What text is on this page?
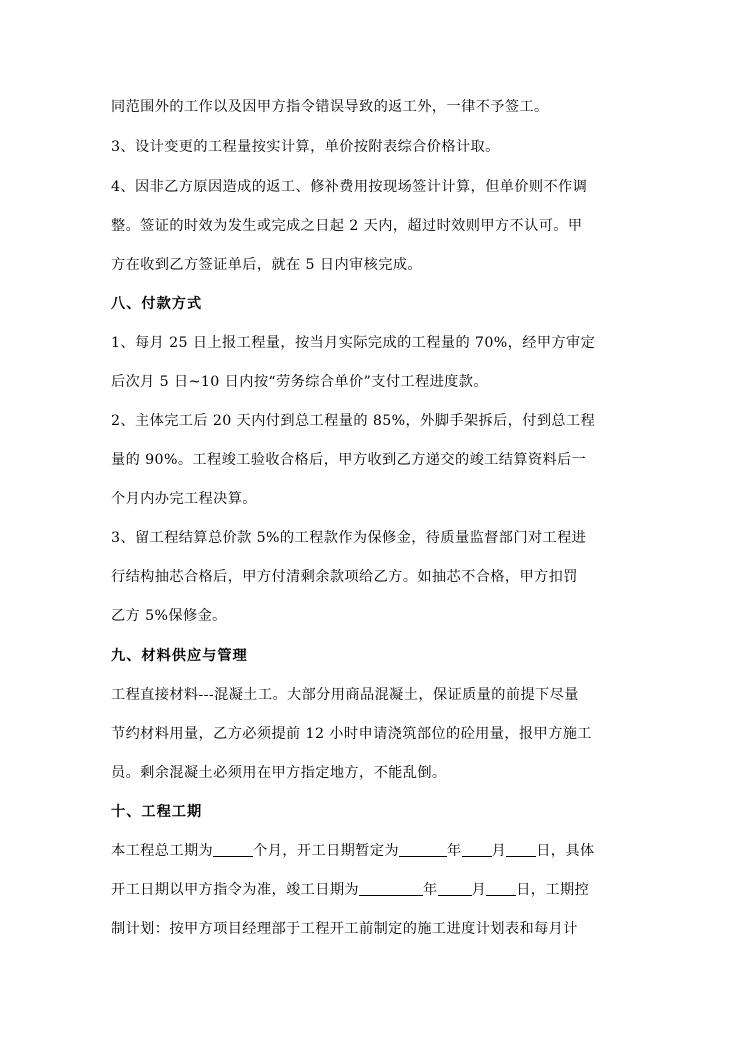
同范围外的工作以及因甲方指令错误导致的返工外，一律不予签工。
3、设计变更的工程量按实计算，单价按附表综合价格计取。
4、因非乙方原因造成的返工、修补费用按现场签计计算，但单价则不作调
整。签证的时效为发生或完成之日起 2 天内，超过时效则甲方不认可。甲
方在收到乙方签证单后，就在 5 日内审核完成。
八、付款方式
1、每月 25 日上报工程量，按当月实际完成的工程量的 70%，经甲方审定
后次月 5 日~10 日内按“劳务综合单价”支付工程进度款。
2、主体完工后 20 天内付到总工程量的 85%，外脚手架拆后，付到总工程
量的 90%。工程竣工验收合格后，甲方收到乙方递交的竣工结算资料后一
个月内办完工程决算。
3、留工程结算总价款 5%的工程款作为保修金，待质量监督部门对工程进
行结构抽芯合格后，甲方付清剩余款项给乙方。如抽芯不合格，甲方扣罚
乙方 5%保修金。
九、材料供应与管理
工程直接材料---混凝土工。大部分用商品混凝土，保证质量的前提下尽量
节约材料用量，乙方必须提前 12 小时申请浇筑部位的砼用量，报甲方施工
员。剩余混凝土必须用在甲方指定地方，不能乱倒。
十、工程工期
本工程总工期为	个月，开工日期暂定为	年 月 日，具体
开工日期以甲方指令为准，竣工日期为	年 月 日，工期控
制计划：按甲方项目经理部于工程开工前制定的施工进度计划表和每月计
